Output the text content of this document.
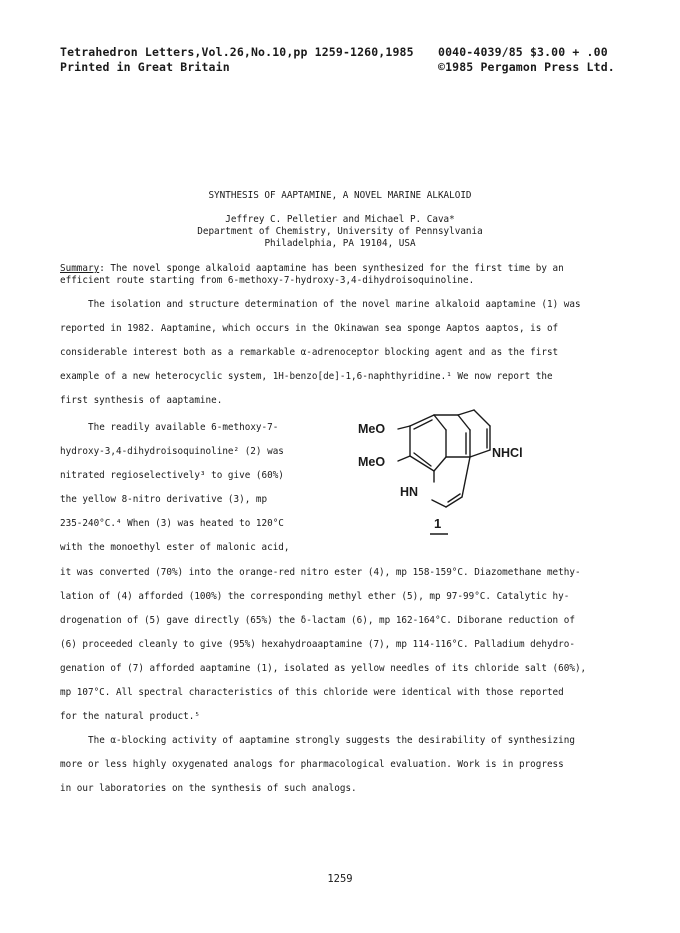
Tetrahedron Letters,Vol.26,No.10,pp 1259-1260,1985 0040-4039/85 $3.00 + .00
Printed in Great Britain	©1985 Pergamon Press Ltd.
SYNTHESIS OF AAPTAMINE, A NOVEL MARINE ALKALOID
Jeffrey C. Pelletier and Michael P. Cava*
Department of Chemistry, University of Pennsylvania
Philadelphia, PA 19104, USA
Summary: The novel sponge alkaloid aaptamine has been synthesized for the first time by an
efficient route starting from 6-methoxy-7-hydroxy-3,4-dihydroisoquinoline.
The isolation and structure determination of the novel marine alkaloid aaptamine (1) was
reported in 1982. Aaptamine, which occurs in the Okinawan sea sponge Aaptos aaptos, is of
considerable interest both as a remarkable α-adrenoceptor blocking agent and as the first
example of a new heterocyclic system, 1H-benzo[de]-1,6-naphthyridine.¹ We now report the
first synthesis of aaptamine.
The readily available 6-methoxy-7-
hydroxy-3,4-dihydroisoquinoline² (2) was
nitrated regioselectively³ to give (60%)
the yellow 8-nitro derivative (3), mp
235-240°C.⁴ When (3) was heated to 120°C
with the monoethyl ester of malonic acid,
MeO
MeO
NHCl
HN
1
it was converted (70%) into the orange-red nitro ester (4), mp 158-159°C. Diazomethane methy-
lation of (4) afforded (100%) the corresponding methyl ether (5), mp 97-99°C. Catalytic hy-
drogenation of (5) gave directly (65%) the δ-lactam (6), mp 162-164°C. Diborane reduction of
(6) proceeded cleanly to give (95%) hexahydroaaptamine (7), mp 114-116°C. Palladium dehydro-
genation of (7) afforded aaptamine (1), isolated as yellow needles of its chloride salt (60%),
mp 107°C. All spectral characteristics of this chloride were identical with those reported
for the natural product.⁵
The α-blocking activity of aaptamine strongly suggests the desirability of synthesizing
more or less highly oxygenated analogs for pharmacological evaluation. Work is in progress
in our laboratories on the synthesis of such analogs.
1259
